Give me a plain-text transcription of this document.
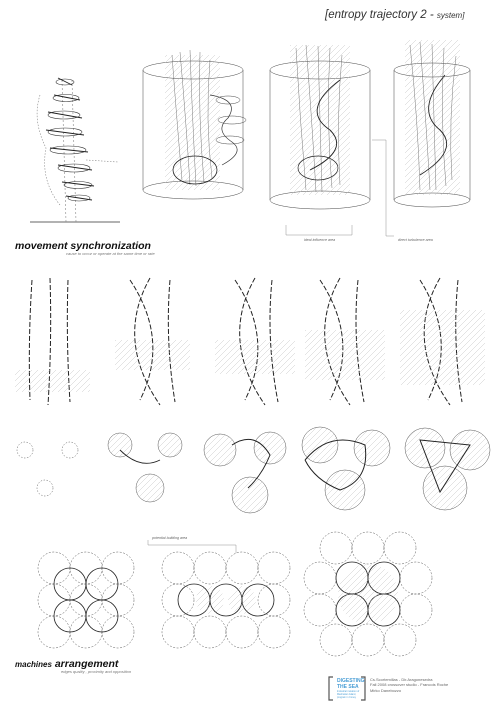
[entropy trajectory 2 - system]
ideal influence area	direct turbulence area
potential building area
movement synchronization
cause to occur or operate at the same time or rate
machines arrangement
edges quality , proximity and opposition
DIGESTING
THE SEA
Industrial mutation of Manhattan Island, program in Coney
Cs.Scortemillas - Dir.Aragonesedra
Fall 2008 crossover studio - Francois Roche
Mirko Danebozzo
